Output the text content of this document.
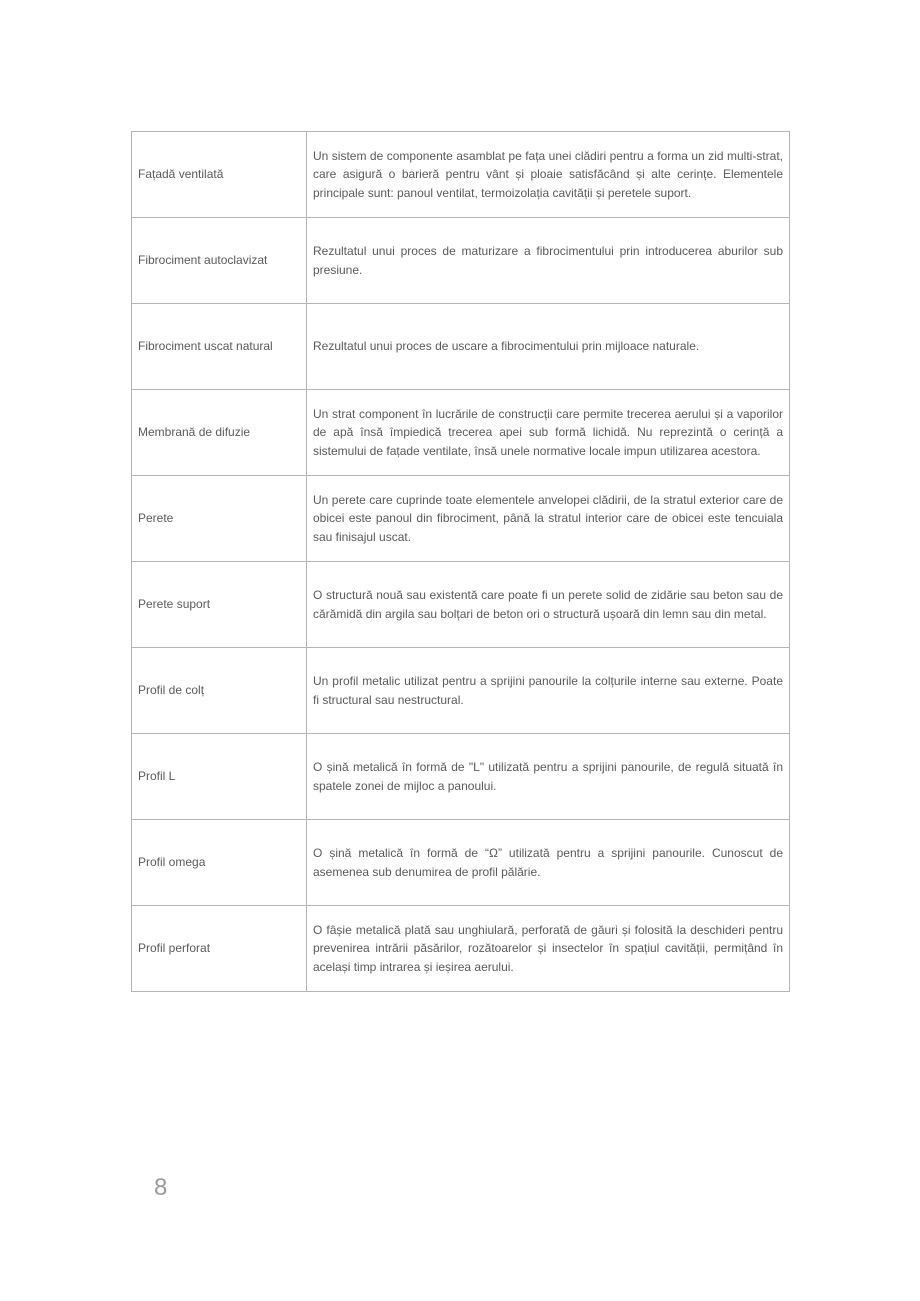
Fațadă ventilată	Un sistem de componente asamblat pe fața unei clădiri pentru a forma un zid multi-strat, care asigură o barieră pentru vânt și ploaie satisfăcând și alte cerințe. Elementele principale sunt: panoul ventilat, termoizolația cavității și peretele suport.
Fibrociment autoclavizat	Rezultatul unui proces de maturizare a fibrocimentului prin introducerea aburilor sub presiune.
Fibrociment uscat natural	Rezultatul unui proces de uscare a fibrocimentului prin mijloace naturale.
Membrană de difuzie	Un strat component în lucrările de construcții care permite trecerea aerului și a vaporilor de apă însă împiedică trecerea apei sub formă lichidă. Nu reprezintă o cerință a sistemului de fațade ventilate, însă unele normative locale impun utilizarea acestora.
Perete	Un perete care cuprinde toate elementele anvelopei clădirii, de la stratul exterior care de obicei este panoul din fibrociment, până la stratul interior care de obicei este tencuiala sau finisajul uscat.
Perete suport	O structură nouă sau existentă care poate fi un perete solid de zidărie sau beton sau de cărămidă din argila sau bolțari de beton ori o structură ușoară din lemn sau din metal.
Profil de colț	Un profil metalic utilizat pentru a sprijini panourile la colțurile interne sau externe. Poate fi structural sau nestructural.
Profil L	O șină metalică în formă de "L" utilizată pentru a sprijini panourile, de regulă situată în spatele zonei de mijloc a panoului.
Profil omega	O șină metalică în formă de “Ω” utilizată pentru a sprijini panourile. Cunoscut de asemenea sub denumirea de profil pălărie.
Profil perforat	O fâșie metalică plată sau unghiulară, perforată de găuri și folosită la deschideri pentru prevenirea intrării păsărilor, rozătoarelor și insectelor în spațiul cavității, permițând în același timp intrarea și ieșirea aerului.
8
